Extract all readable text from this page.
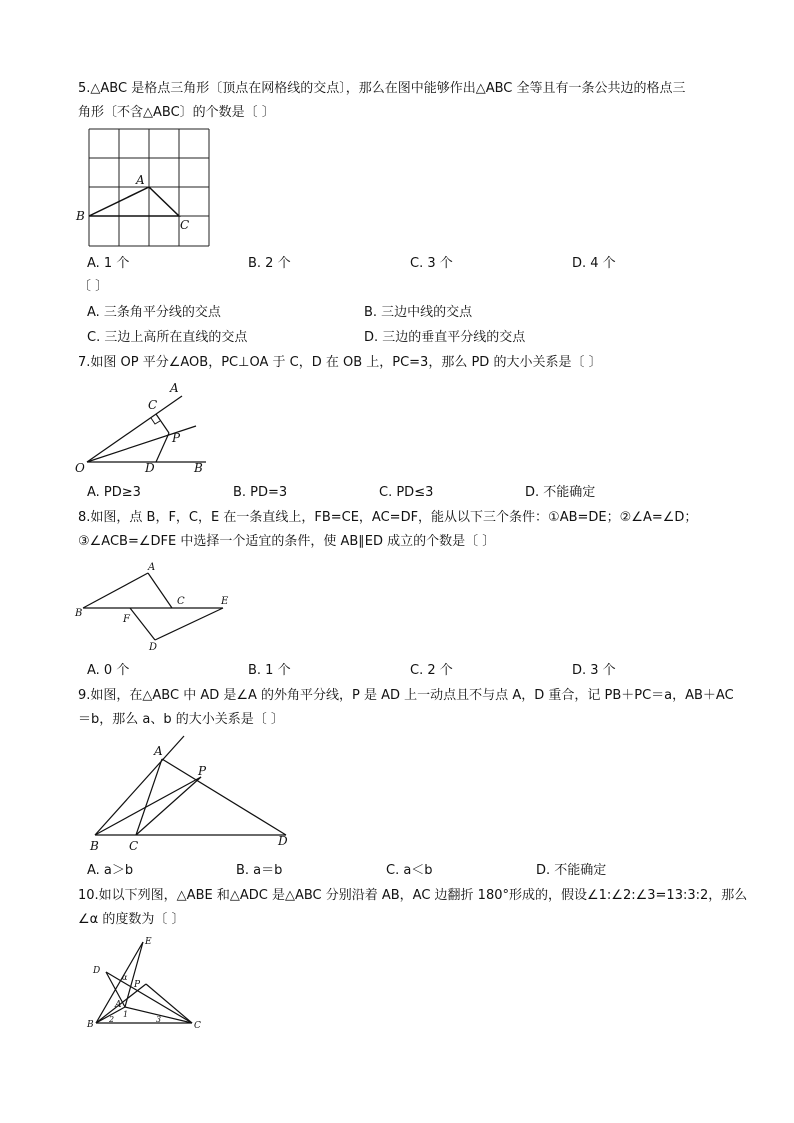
5.△ABC 是格点三角形〔顶点在网格线的交点〕，那么在图中能够作出△ABC 全等且有一条公共边的格点三
角形〔不含△ABC〕的个数是〔 〕
A
B
C
A. 1 个	B. 2 个	C. 3 个	D. 4 个
〔 〕
A. 三条角平分线的交点	B. 三边中线的交点
C. 三边上高所在直线的交点	D. 三边的垂直平分线的交点
7.如图 OP 平分∠AOB，PC⊥OA 于 C，D 在 OB 上，PC=3，那么 PD 的大小关系是〔 〕
A
C
P
O	D	B
A. PD≥3	B. PD=3	C. PD≤3	D. 不能确定
8.如图，点 B，F，C，E 在一条直线上，FB=CE，AC=DF，能从以下三个条件：①AB=DE；②∠A=∠D；
③∠ACB=∠DFE 中选择一个适宜的条件，使 AB∥ED 成立的个数是〔 〕
A
B
C	E
F
D
A. 0 个	B. 1 个	C. 2 个	D. 3 个
9.如图，在△ABC 中 AD 是∠A 的外角平分线，P 是 AD 上一动点且不与点 A，D 重合，记 PB＋PC＝a，AB＋AC
＝b，那么 a、b 的大小关系是〔 〕
A
P
B	C	D
A. a＞b	B. a＝b	C. a＜b	D. 不能确定
10.如以下列图，△ABE 和△ADC 是△ABC 分别沿着 AB，AC 边翻折 180°形成的，假设∠1:∠2:∠3=13:3:2，那么
∠α 的度数为〔 〕
E
D
α
P
A
1
B
2	3
C
